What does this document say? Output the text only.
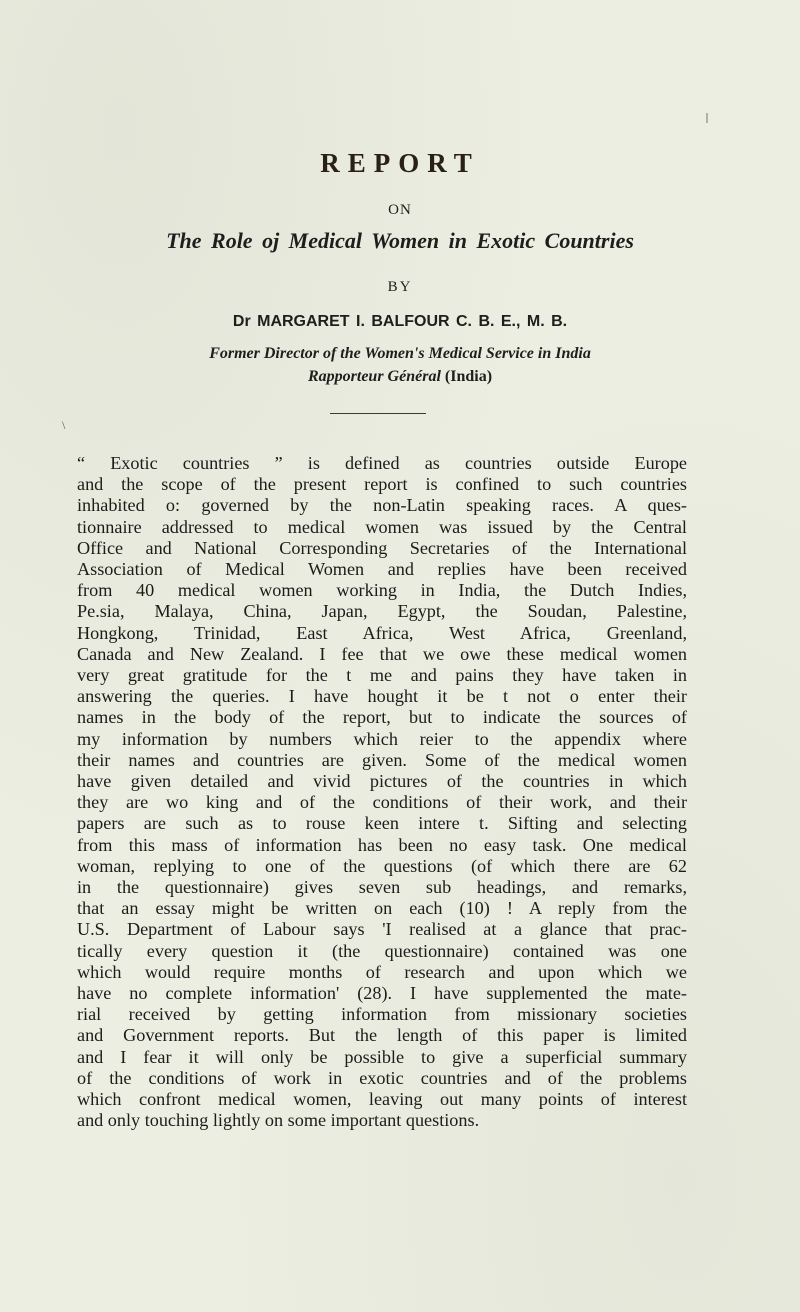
REPORT
ON
The Role oj Medical Women in Exotic Countries
BY
Dr MARGARET I. BALFOUR C. B. E., M. B.
Former Director of the Women's Medical Service in India
Rapporteur Général (India)
\
“ Exotic countries ” is defined as countries outside Europe
and the scope of the present report is confined to such countries
inhabited o: governed by the non-Latin speaking races. A ques-
tionnaire addressed to medical women was issued by the Central
Office and National Corresponding Secretaries of the International
Association of Medical Women and replies have been received
from 40 medical women working in India, the Dutch Indies,
Pe.sia, Malaya, China, Japan, Egypt, the Soudan, Palestine,
Hongkong, Trinidad, East Africa, West Africa, Greenland,
Canada and New Zealand. I fee that we owe these medical women
very great gratitude for the t me and pains they have taken in
answering the queries. I have hought it be t not o enter their
names in the body of the report, but to indicate the sources of
my information by numbers which reier to the appendix where
their names and countries are given. Some of the medical women
have given detailed and vivid pictures of the countries in which
they are wo king and of the conditions of their work, and their
papers are such as to rouse keen intere t. Sifting and selecting
from this mass of information has been no easy task. One medical
woman, replying to one of the questions (of which there are 62
in the questionnaire) gives seven sub headings, and remarks,
that an essay might be written on each (10) ! A reply from the
U.S. Department of Labour says 'I realised at a glance that prac-
tically every question it (the questionnaire) contained was one
which would require months of research and upon which we
have no complete information' (28). I have supplemented the mate-
rial received by getting information from missionary societies
and Government reports. But the length of this paper is limited
and I fear it will only be possible to give a superficial summary
of the conditions of work in exotic countries and of the problems
which confront medical women, leaving out many points of interest
and only touching lightly on some important questions.
